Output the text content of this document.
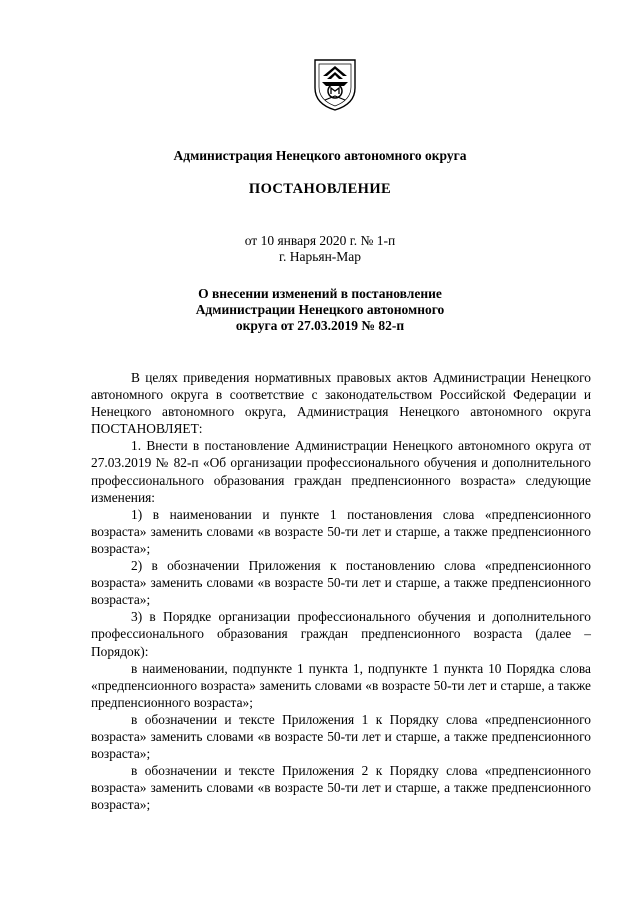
Администрация Ненецкого автономного округа
ПОСТАНОВЛЕНИЕ
от 10 января 2020 г. № 1-п
г. Нарьян-Мар
О внесении изменений в постановление
Администрации Ненецкого автономного
округа от 27.03.2019 № 82-п

В целях приведения нормативных правовых актов Администрации Ненецкого автономного округа в соответствие с законодательством Российской Федерации и Ненецкого автономного округа, Администрация Ненецкого автономного округа ПОСТАНОВЛЯЕТ:

1. Внести в постановление Администрации Ненецкого автономного округа от 27.03.2019 № 82-п «Об организации профессионального обучения и дополнительного профессионального образования граждан предпенсионного возраста» следующие изменения:

1) в наименовании и пункте 1 постановления слова «предпенсионного возраста» заменить словами «в возрасте 50-ти лет и старше, а также предпенсионного возраста»;

2) в обозначении Приложения к постановлению слова «предпенсионного возраста» заменить словами «в возрасте 50-ти лет и старше, а также предпенсионного возраста»;

3) в Порядке организации профессионального обучения и дополнительного профессионального образования граждан предпенсионного возраста (далее – Порядок):

в наименовании, подпункте 1 пункта 1, подпункте 1 пункта 10 Порядка слова «предпенсионного возраста» заменить словами «в возрасте 50-ти лет и старше, а также предпенсионного возраста»;

в обозначении и тексте Приложения 1 к Порядку слова «предпенсионного возраста» заменить словами «в возрасте 50-ти лет и старше, а также предпенсионного возраста»;

в обозначении и тексте Приложения 2 к Порядку слова «предпенсионного возраста» заменить словами «в возрасте 50-ти лет и старше, а также предпенсионного возраста»;
